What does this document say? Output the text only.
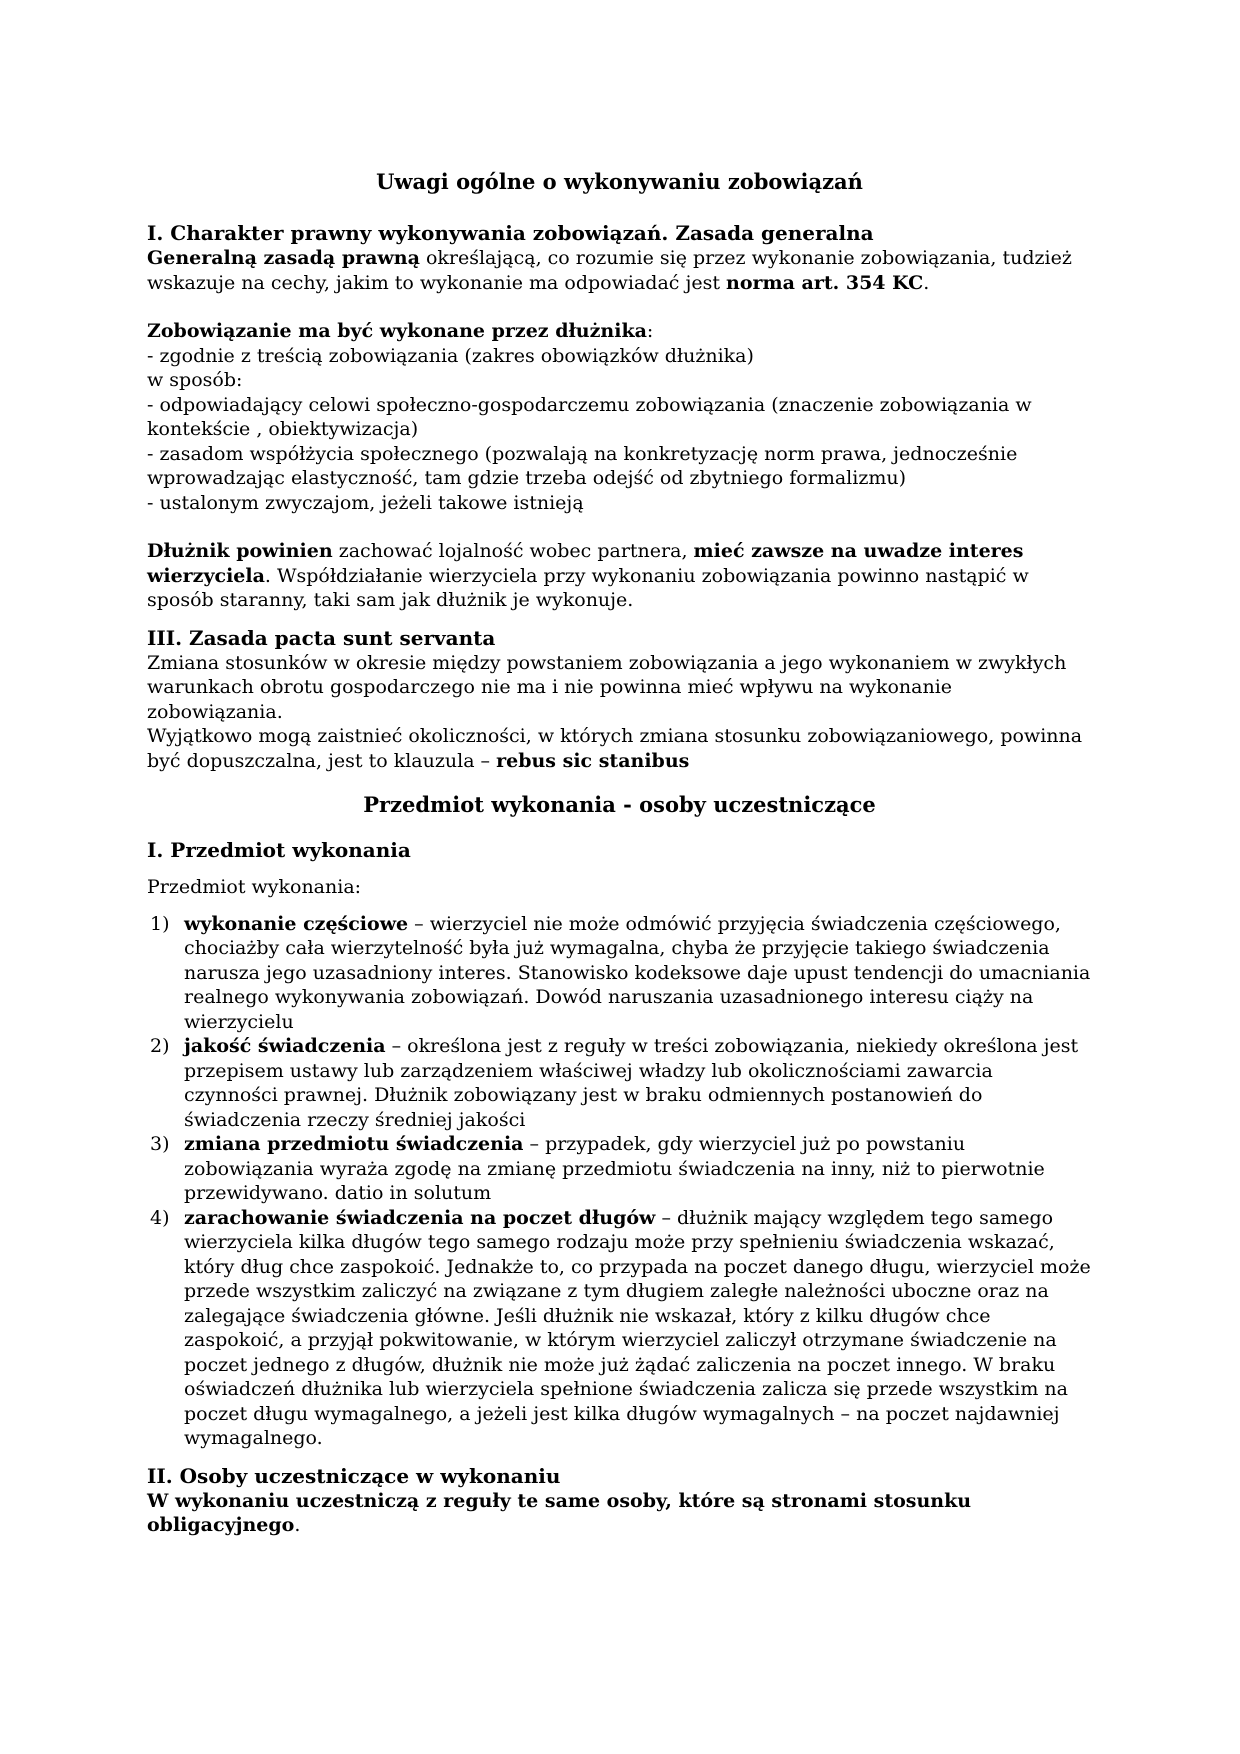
Uwagi ogólne o wykonywaniu zobowiązań
I. Charakter prawny wykonywania zobowiązań. Zasada generalna

Generalną zasadą prawną określającą, co rozumie się przez wykonanie zobowiązania, tudzież wskazuje na cechy, jakim to wykonanie ma odpowiadać jest norma art. 354 KC.

Zobowiązanie ma być wykonane przez dłużnika:

- zgodnie z treścią zobowiązania (zakres obowiązków dłużnika)

w sposób:

- odpowiadający celowi społeczno-gospodarczemu zobowiązania (znaczenie zobowiązania w kontekście , obiektywizacja)

- zasadom współżycia społecznego (pozwalają na konkretyzację norm prawa, jednocześnie wprowadzając elastyczność, tam gdzie trzeba odejść od zbytniego formalizmu)

- ustalonym zwyczajom, jeżeli takowe istnieją

Dłużnik powinien zachować lojalność wobec partnera, mieć zawsze na uwadze interes wierzyciela. Współdziałanie wierzyciela przy wykonaniu zobowiązania powinno nastąpić w sposób staranny, taki sam jak dłużnik je wykonuje.

III. Zasada pacta sunt servanta

Zmiana stosunków w okresie między powstaniem zobowiązania a jego wykonaniem w zwykłych warunkach obrotu gospodarczego nie ma i nie powinna mieć wpływu na wykonanie zobowiązania.

Wyjątkowo mogą zaistnieć okoliczności, w których zmiana stosunku zobowiązaniowego, powinna być dopuszczalna, jest to klauzula – rebus sic stanibus

Przedmiot wykonania - osoby uczestniczące
I. Przedmiot wykonania

Przedmiot wykonania:

1) wykonanie częściowe – wierzyciel nie może odmówić przyjęcia świadczenia częściowego, chociażby cała wierzytelność była już wymagalna, chyba że przyjęcie takiego świadczenia narusza jego uzasadniony interes. Stanowisko kodeksowe daje upust tendencji do umacniania realnego wykonywania zobowiązań. Dowód naruszania uzasadnionego interesu ciąży na wierzycielu
2) jakość świadczenia – określona jest z reguły w treści zobowiązania, niekiedy określona jest przepisem ustawy lub zarządzeniem właściwej władzy lub okolicznościami zawarcia czynności prawnej. Dłużnik zobowiązany jest w braku odmiennych postanowień do świadczenia rzeczy średniej jakości
3) zmiana przedmiotu świadczenia – przypadek, gdy wierzyciel już po powstaniu zobowiązania wyraża zgodę na zmianę przedmiotu świadczenia na inny, niż to pierwotnie przewidywano. datio in solutum
4) zarachowanie świadczenia na poczet długów – dłużnik mający względem tego samego wierzyciela kilka długów tego samego rodzaju może przy spełnieniu świadczenia wskazać, który dług chce zaspokoić. Jednakże to, co przypada na poczet danego długu, wierzyciel może przede wszystkim zaliczyć na związane z tym długiem zaległe należności uboczne oraz na zalegające świadczenia główne. Jeśli dłużnik nie wskazał, który z kilku długów chce zaspokoić, a przyjął pokwitowanie, w którym wierzyciel zaliczył otrzymane świadczenie na poczet jednego z długów, dłużnik nie może już żądać zaliczenia na poczet innego. W braku oświadczeń dłużnika lub wierzyciela spełnione świadczenia zalicza się przede wszystkim na poczet długu wymagalnego, a jeżeli jest kilka długów wymagalnych – na poczet najdawniej wymagalnego.
II. Osoby uczestniczące w wykonaniu

W wykonaniu uczestniczą z reguły te same osoby, które są stronami stosunku obligacyjnego.
